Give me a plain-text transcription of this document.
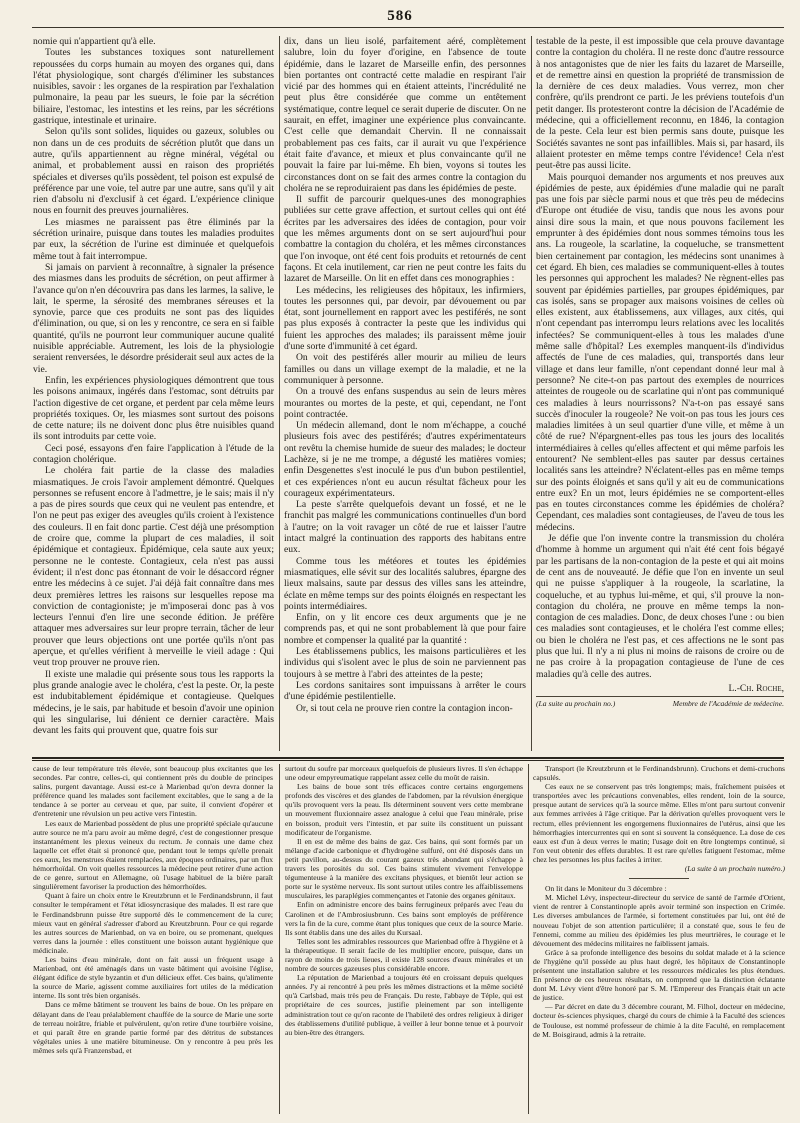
586

nomie qui n'appartient qu'à elle.

Toutes les substances toxiques sont naturellement repoussées du corps humain au moyen des organes qui, dans l'état physiologique, sont chargés d'éliminer les substances nuisibles, savoir : les organes de la respiration par l'exhalation pulmonaire, la peau par les sueurs, le foie par la sécrétion biliaire, l'estomac, les intestins et les reins, par les sécrétions gastrique, intestinale et urinaire.

Selon qu'ils sont solides, liquides ou gazeux, solubles ou non dans un de ces produits de sécrétion plutôt que dans un autre, qu'ils appartiennent au règne minéral, végétal ou animal, et probablement aussi en raison des propriétés spéciales et diverses qu'ils possèdent, tel poison est expulsé de préférence par une voie, tel autre par une autre, sans qu'il y ait rien d'absolu ni d'exclusif à cet égard. L'expérience clinique nous en fournit des preuves journalières.

Les miasmes ne paraissent pas être éliminés par la sécrétion urinaire, puisque dans toutes les maladies produites par eux, la sécrétion de l'urine est diminuée et quelquefois même tout à fait interrompue.

Si jamais on parvient à reconnaître, à signaler la présence des miasmes dans les produits de sécrétion, on peut affirmer à l'avance qu'on n'en découvrira pas dans les larmes, la salive, le lait, le sperme, la sérosité des membranes séreuses et la synovie, parce que ces produits ne sont pas des liquides d'élimination, ou que, si on les y rencontre, ce sera en si faible quantité, qu'ils ne pourront leur communiquer aucune qualité nuisible appréciable. Autrement, les lois de la physiologie seraient renversées, le désordre présiderait seul aux actes de la vie.

Enfin, les expériences physiologiques démontrent que tous les poisons animaux, ingérés dans l'estomac, sont détruits par l'action digestive de cet organe, et perdent par cela même leurs propriétés toxiques. Or, les miasmes sont surtout des poisons de cette nature; ils ne doivent donc plus être nuisibles quand ils sont introduits par cette voie.

Ceci posé, essayons d'en faire l'application à l'étude de la contagion cholérique.

Le choléra fait partie de la classe des maladies miasmatiques. Je crois l'avoir amplement démontré. Quelques personnes se refusent encore à l'admettre, je le sais; mais il n'y a pas de pires sourds que ceux qui ne veulent pas entendre, et l'on ne peut pas exiger des aveugles qu'ils croient à l'existence des couleurs. Il en fait donc partie. C'est déjà une présomption de croire que, comme la plupart de ces maladies, il soit épidémique et contagieux. Épidémique, cela saute aux yeux; personne ne le conteste. Contagieux, cela n'est pas aussi évident; il n'est donc pas étonnant de voir le désaccord régner entre les médecins à ce sujet. J'ai déjà fait connaître dans mes deux premières lettres les raisons sur lesquelles repose ma conviction de contagioniste; je m'imposerai donc pas à vos lecteurs l'ennui d'en lire une seconde édition. Je préfère attaquer mes adversaires sur leur propre terrain, tâcher de leur prouver que leurs objections ont une portée qu'ils n'ont pas aperçue, et qu'elles vérifient à merveille le vieil adage : Qui veut trop prouver ne prouve rien.

Il existe une maladie qui présente sous tous les rapports la plus grande analogie avec le choléra, c'est la peste. Or, la peste est indubitablement épidémique et contagieuse. Quelques médecins, je le sais, par habitude et besoin d'avoir une opinion qui les singularise, lui dénient ce dernier caractère. Mais devant les faits qui prouvent que, quatre fois sur

dix, dans un lieu isolé, parfaitement aéré, complètement salubre, loin du foyer d'origine, en l'absence de toute épidémie, dans le lazaret de Marseille enfin, des personnes bien portantes ont contracté cette maladie en respirant l'air vicié par des hommes qui en étaient atteints, l'incrédulité ne peut plus être considérée que comme un entêtement systématique, contre lequel ce serait duperie de discuter. On ne saurait, en effet, imaginer une expérience plus convaincante. C'est celle que demandait Chervin. Il ne connaissait probablement pas ces faits, car il aurait vu que l'expérience était faite d'avance, et mieux et plus convaincante qu'il ne pouvait la faire par lui-même. Eh bien, voyons si toutes les circonstances dont on se fait des armes contre la contagion du choléra ne se reproduiraient pas dans les épidémies de peste.

Il suffit de parcourir quelques-unes des monographies publiées sur cette grave affection, et surtout celles qui ont été écrites par les adversaires des idées de contagion, pour voir que les mêmes arguments dont on se sert aujourd'hui pour combattre la contagion du choléra, et les mêmes circonstances que l'on invoque, ont été cent fois produits et retournés de cent façons. Et cela inutilement, car rien ne peut contre les faits du lazaret de Marseille. On lit en effet dans ces monographies :

Les médecins, les religieuses des hôpitaux, les infirmiers, toutes les personnes qui, par devoir, par dévouement ou par état, sont journellement en rapport avec les pestiférés, ne sont pas plus exposés à contracter la peste que les individus qui fuient les approches des malades; ils paraissent même jouir d'une sorte d'immunité à cet égard.

On voit des pestiférés aller mourir au milieu de leurs familles ou dans un village exempt de la maladie, et ne la communiquer à personne.

On a trouvé des enfans suspendus au sein de leurs mères mourantes ou mortes de la peste, et qui, cependant, ne l'ont point contractée.

Un médecin allemand, dont le nom m'échappe, a couché plusieurs fois avec des pestiférés; d'autres expérimentateurs ont revêtu la chemise humide de sueur des malades; le docteur Lachèze, si je ne me trompe, a dégusté les matières vomies; enfin Desgenettes s'est inoculé le pus d'un bubon pestilentiel, et ces expériences n'ont eu aucun résultat fâcheux pour les courageux expérimentateurs.

La peste s'arrête quelquefois devant un fossé, et ne le franchit pas malgré les communications continuelles d'un bord à l'autre; on la voit ravager un côté de rue et laisser l'autre intact malgré la continuation des rapports des habitans entre eux.

Comme tous les météores et toutes les épidémies miasmatiques, elle sévit sur des localités salubres, épargne des lieux malsains, saute par dessus des villes sans les atteindre, éclate en même temps sur des points éloignés en respectant les points intermédiaires.

Enfin, on y lit encore ces deux arguments que je ne comprends pas, et qui ne sont probablement là que pour faire nombre et compenser la qualité par la quantité :

Les établissemens publics, les maisons particulières et les individus qui s'isolent avec le plus de soin ne parviennent pas toujours à se mettre à l'abri des atteintes de la peste;

Les cordons sanitaires sont impuissans à arrêter le cours d'une épidémie pestilentielle.

Or, si tout cela ne prouve rien contre la contagion incon-

testable de la peste, il est impossible que cela prouve davantage contre la contagion du choléra. Il ne reste donc d'autre ressource à nos antagonistes que de nier les faits du lazaret de Marseille, et de remettre ainsi en question la propriété de transmission de la dernière de ces deux maladies. Vous verrez, mon cher confrère, qu'ils prendront ce parti. Je les préviens toutefois d'un petit danger. Ils protesteront contre la décision de l'Académie de médecine, qui a officiellement reconnu, en 1846, la contagion de la peste. Cela leur est bien permis sans doute, puisque les Sociétés savantes ne sont pas infaillibles. Mais si, par hasard, ils allaient protester en même temps contre l'évidence! Cela n'est peut-être pas aussi licite.

Mais pourquoi demander nos arguments et nos preuves aux épidémies de peste, aux épidémies d'une maladie qui ne paraît pas une fois par siècle parmi nous et que très peu de médecins d'Europe ont étudiée de visu, tandis que nous les avons pour ainsi dire sous la main, et que nous pouvons facilement les emprunter à des épidémies dont nous sommes témoins tous les ans. La rougeole, la scarlatine, la coqueluche, se transmettent bien certainement par contagion, les médecins sont unanimes à cet égard. Eh bien, ces maladies se communiquent-elles à toutes les personnes qui approchent les malades? Ne règnent-elles pas souvent par épidémies partielles, par groupes épidémiques, par cas isolés, sans se propager aux maisons voisines de celles où elles existent, aux établissemens, aux villages, aux cités, qui n'ont cependant pas interrompu leurs relations avec les localités infectées? Se communiquent-elles à tous les malades d'une même salle d'hôpital? Les exemples manquent-ils d'individus affectés de l'une de ces maladies, qui, transportés dans leur village et dans leur famille, n'ont cependant donné leur mal à personne? Ne cite-t-on pas partout des exemples de nourrices atteintes de rougeole ou de scarlatine qui n'ont pas communiqué ces maladies à leurs nourrissons? N'a-t-on pas essayé sans succès d'inoculer la rougeole? Ne voit-on pas tous les jours ces maladies limitées à un seul quartier d'une ville, et même à un côté de rue? N'épargnent-elles pas tous les jours des localités intermédiaires à celles qu'elles affectent et qui même parfois les entourent? Ne semblent-elles pas sauter par dessus certaines localités sans les atteindre? N'éclatent-elles pas en même temps sur des points éloignés et sans qu'il y ait eu de communications entre eux? En un mot, leurs épidémies ne se comportent-elles pas en toutes circonstances comme les épidémies de choléra? Cependant, ces maladies sont contagieuses, de l'aveu de tous les médecins.

Je défie que l'on invente contre la transmission du choléra d'homme à homme un argument qui n'ait été cent fois bégayé par les partisans de la non-contagion de la peste et qui ait moins de cent ans de nouveauté. Je défie que l'on en invente un seul qui ne puisse s'appliquer à la rougeole, la scarlatine, la coqueluche, et au typhus lui-même, et qui, s'il prouve la non-contagion du choléra, ne prouve en même temps la non-contagion de ces maladies. Donc, de deux choses l'une : ou bien ces maladies sont contagieuses, et le choléra l'est comme elles; ou bien le choléra ne l'est pas, et ces affections ne le sont pas plus que lui. Il n'y a ni plus ni moins de raisons de croire ou de ne pas croire à la propagation contagieuse de l'une de ces maladies qu'à celle des autres.

L.-Ch. Roche,
(La suite au prochain no.)	Membre de l'Académie de médecine.

cause de leur température très élevée, sont beaucoup plus excitantes que les secondes. Par contre, celles-ci, qui contiennent près du double de principes salins, purgent davantage. Aussi est-ce à Marienbad qu'on devra donner la préférence quand les malades sont facilement excitables, que le sang a de la tendance à se porter au cerveau et que, par suite, il convient d'opérer et d'entretenir une révulsion un peu active vers l'intestin.

Les eaux de Marienbad possèdent de plus une propriété spéciale qu'aucune autre source ne m'a paru avoir au même degré, c'est de congestionner presque instantanément les plexus veineux du rectum. Je connais une dame chez laquelle cet effet était si prononcé que, pendant tout le temps qu'elle prenait ces eaux, les menstrues étaient remplacées, aux époques ordinaires, par un flux hémorrhoïdal. On voit quelles ressources la médecine peut retirer d'une action de ce genre, surtout en Allemagne, où l'usage habituel de la bière paraît singulièrement favoriser la production des hémorrhoïdes.

Quant à faire un choix entre le Kreutzbrunn et le Ferdinandsbrunn, il faut consulter le tempérament et l'état idiosyncrasique des malades. Il est rare que le Ferdinandsbrunn puisse être supporté dès le commencement de la cure; mieux vaut en général s'adresser d'abord au Kreutzbrunn. Pour ce qui regarde les autres sources de Marienbad, on va en boire, ou se promenant, quelques verres dans la journée : elles constituent une boisson autant hygiénique que médicinale.

Les bains d'eau minérale, dont on fait aussi un fréquent usage à Marienbad, ont été aménagés dans un vaste bâtiment qui avoisine l'église, élégant édifice de style byzantin et d'un délicieux effet. Ces bains, qu'alimente la source de Marie, agissent comme auxiliaires fort utiles de la médication interne. Ils sont très bien organisés.

Dans ce même bâtiment se trouvent les bains de boue. On les prépare en délayant dans de l'eau préalablement chauffée de la source de Marie une sorte de terreau noirâtre, friable et pulvérulent, qu'on retire d'une tourbière voisine, et qui paraît être en grande partie formé par des détritus de substances végétales unies à une matière bitumineuse. On y rencontre à peu près les mêmes sels qu'à Franzensbad, et

surtout du soufre par morceaux quelquefois de plusieurs livres. Il s'en échappe une odeur empyreumatique rappelant assez celle du moût de raisin.

Les bains de boue sont très efficaces contre certains engorgemens profonds des viscères et des glandes de l'abdomen, par la révulsion énergique qu'ils provoquent vers la peau. Ils déterminent souvent vers cette membrane un mouvement fluxionnaire assez analogue à celui que l'eau minérale, prise en boisson, produit vers l'intestin, et par suite ils constituent un puissant modificateur de l'organisme.

Il en est de même des bains de gaz. Ces bains, qui sont formés par un mélange d'acide carbonique et d'hydrogène sulfuré, ont été disposés dans un petit pavillon, au-dessus du courant gazeux très abondant qui s'échappe à travers les porosités du sol. Ces bains stimulent vivement l'enveloppe tégumenteuse à la manière des excitans physiques, et bientôt leur action se porte sur le système nerveux. Ils sont surtout utiles contre les affaiblissemens musculaires, les paraplégies commençantes et l'atonie des organes génitaux.

Enfin on administre encore des bains ferrugineux préparés avec l'eau du Carolinen et de l'Ambrosiusbrunn. Ces bains sont employés de préférence vers la fin de la cure, comme étant plus toniques que ceux de la source Marie. Ils sont établis dans une des ailes du Kursaal.

Telles sont les admirables ressources que Marienbad offre à l'hygiène et à la thérapeutique. Il serait facile de les multiplier encore, puisque, dans un rayon de moins de trois lieues, il existe 128 sources d'eaux minérales et un nombre de sources gazeuses plus considérable encore.

La réputation de Marienbad a toujours été en croissant depuis quelques années. J'y ai rencontré à peu près les mêmes distractions et la même société qu'à Carlsbad, mais très peu de Français. Du reste, l'abbaye de Téple, qui est propriétaire de ces sources, justifie pleinement par son intelligente administration tout ce qu'on raconte de l'habileté des ordres religieux à diriger des établissemens d'utilité publique, à veiller à leur bonne tenue et à pourvoir au bien-être des étrangers.

Transport (le Kreutzbrunn et le Ferdinandsbrunn). Cruchons et demi-cruchons capsulés.

Ces eaux ne se conservent pas très longtemps; mais, fraîchement puisées et transportées avec les précautions convenables, elles rendent, loin de la source, presque autant de services qu'à la source même. Elles m'ont paru surtout convenir aux femmes arrivées à l'âge critique. Par la dérivation qu'elles provoquent vers le rectum, elles préviennent les engorgemens fluxionnaires de l'utérus, ainsi que les hémorrhagies intercurrentes qui en sont si souvent la conséquence. La dose de ces eaux est d'un à deux verres le matin; l'usage doit en être longtemps continué, si l'on veut obtenir des effets durables. Il est rare qu'elles fatiguent l'estomac, même chez les personnes les plus faciles à irriter.

(La suite à un prochain numéro.)

On lit dans le Moniteur du 3 décembre :

M. Michel Lévy, inspecteur-directeur du service de santé de l'armée d'Orient, vient de rentrer à Constantinople après avoir terminé son inspection en Crimée. Les diverses ambulances de l'armée, si fortement constituées par lui, ont été de nouveau l'objet de son attention particulière; il a constaté que, sous le feu de l'ennemi, comme au milieu des épidémies les plus meurtrières, le courage et le dévouement des médecins militaires ne faiblissent jamais.

Grâce à sa profonde intelligence des besoins du soldat malade et à la science de l'hygiène qu'il possède au plus haut degré, les hôpitaux de Constantinople présentent une installation salubre et les ressources médicales les plus étendues. En présence de ces heureux résultats, on comprend que la distinction éclatante dont M. Lévy vient d'être honoré par S. M. l'Empereur des Français était un acte de justice.

— Par décret en date du 3 décembre courant, M. Filhol, docteur en médecine, docteur ès-sciences physiques, chargé du cours de chimie à la Faculté des sciences de Toulouse, est nommé professeur de chimie à la dite Faculté, en remplacement de M. Boisgiraud, admis à la retraite.
